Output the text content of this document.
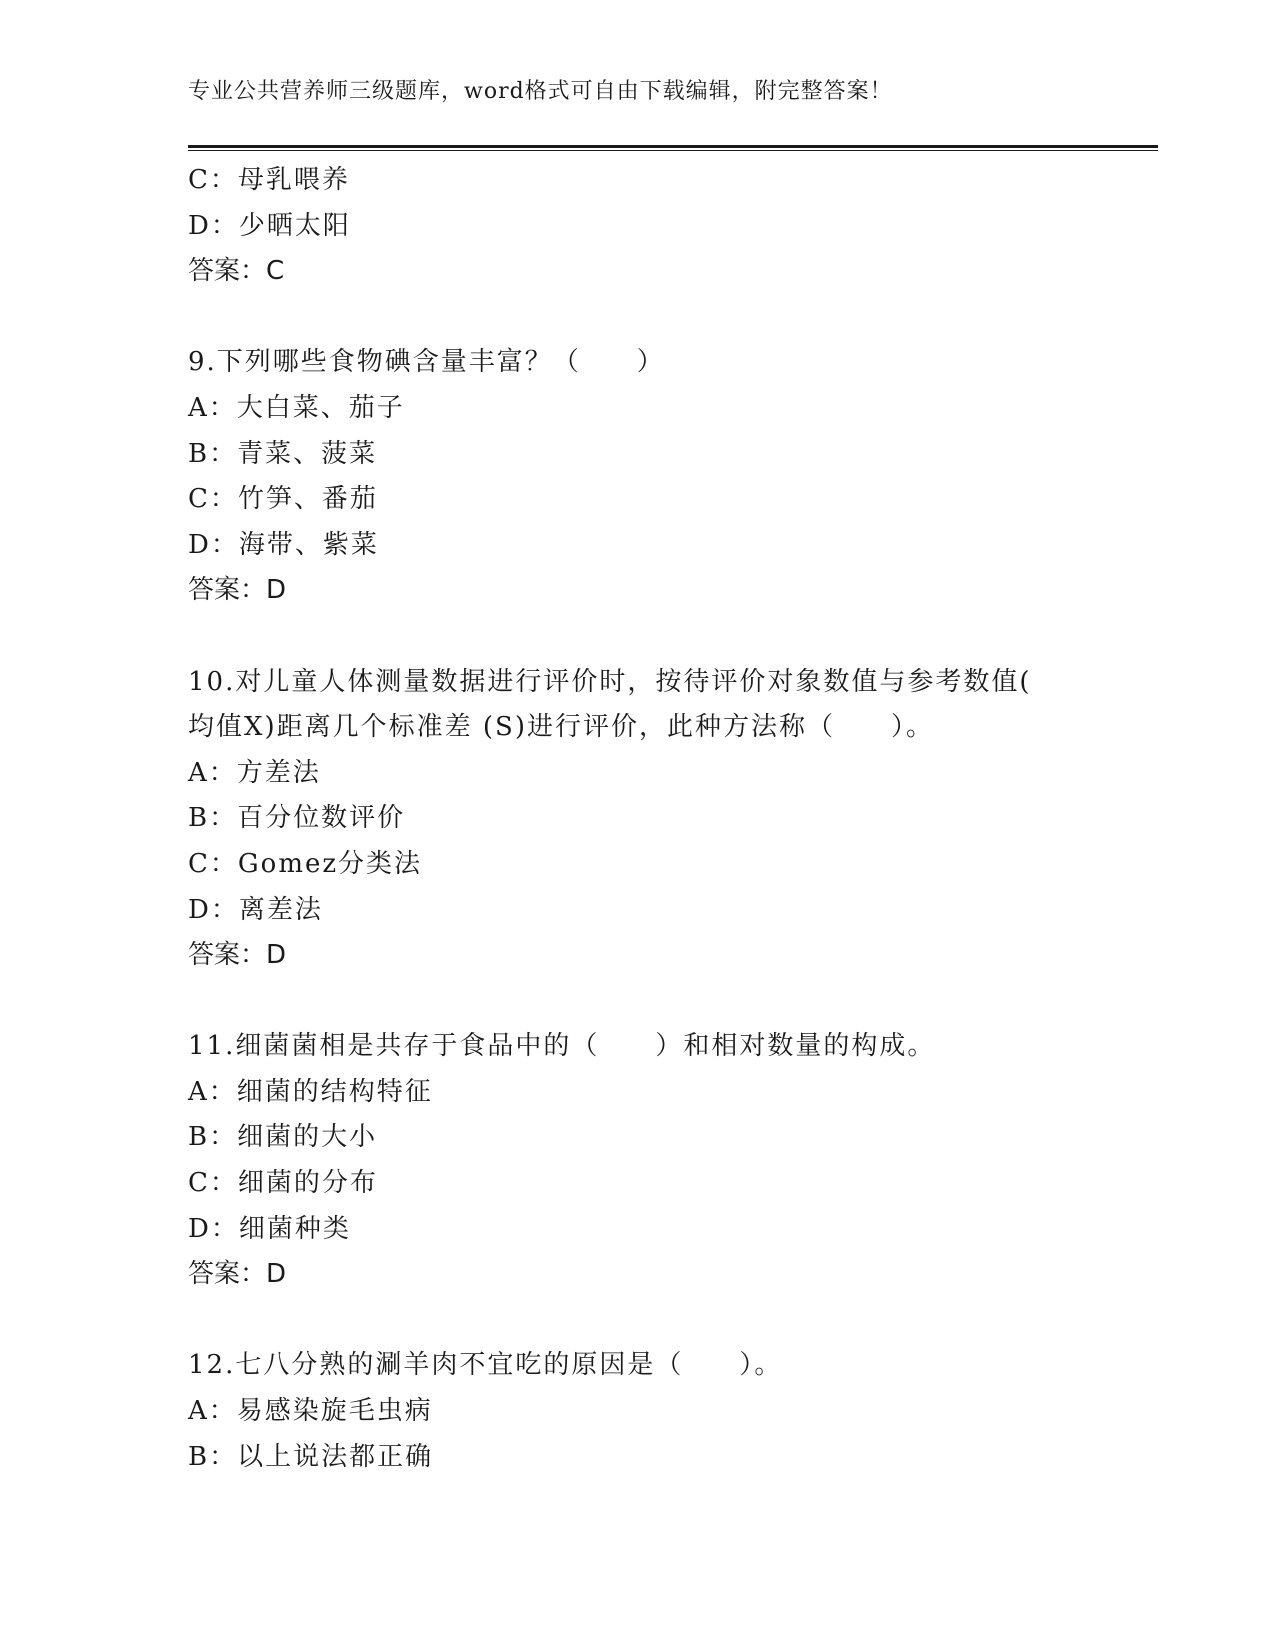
专业公共营养师三级题库，word格式可自由下载编辑，附完整答案！
C：母乳喂养
D：少晒太阳
答案：C
9.下列哪些食物碘含量丰富？（　　）
A：大白菜、茄子
B：青菜、菠菜
C：竹笋、番茄
D：海带、紫菜
答案：D
10.对儿童人体测量数据进行评价时，按待评价对象数值与参考数值(
均值X)距离几个标准差 (S)进行评价，此种方法称（　　）。
A：方差法
B：百分位数评价
C：Gomez分类法
D：离差法
答案：D
11.细菌菌相是共存于食品中的（　　）和相对数量的构成。
A：细菌的结构特征
B：细菌的大小
C：细菌的分布
D：细菌种类
答案：D
12.七八分熟的涮羊肉不宜吃的原因是（　　）。
A：易感染旋毛虫病
B：以上说法都正确
